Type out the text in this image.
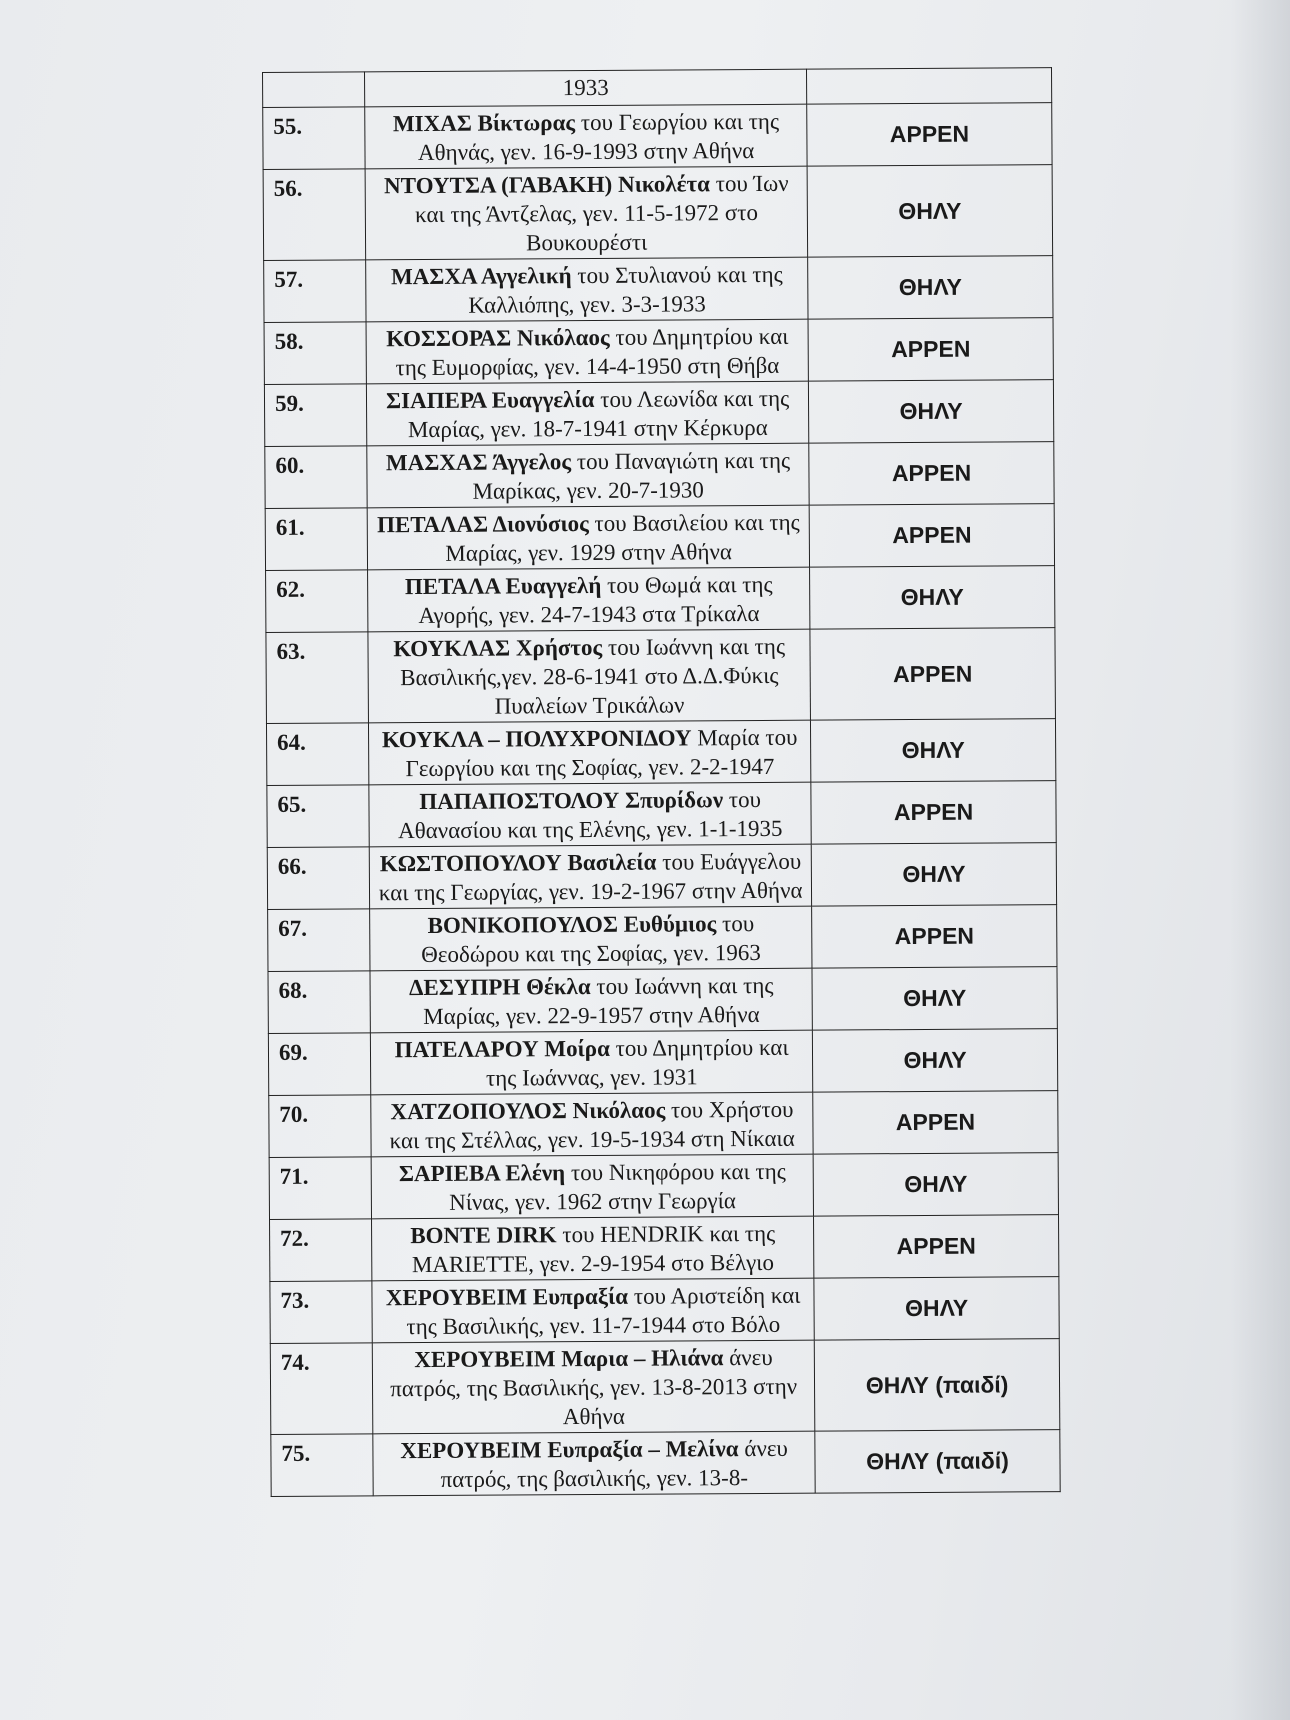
	1933	
55.	ΜΙΧΑΣ Βίκτωρας του Γεωργίου και της Αθηνάς, γεν. 16-9-1993 στην Αθήνα	ΑΡΡΕΝ
56.	ΝΤΟΥΤΣΑ (ΓΑΒΑΚΗ) Νικολέτα του Ίων και της Άντζελας, γεν. 11-5-1972 στο Βουκουρέστι	ΘΗΛΥ
57.	ΜΑΣΧΑ Αγγελική του Στυλιανού και της Καλλιόπης, γεν. 3-3-1933	ΘΗΛΥ
58.	ΚΟΣΣΟΡΑΣ Νικόλαος του Δημητρίου και της Ευμορφίας, γεν. 14-4-1950 στη Θήβα	ΑΡΡΕΝ
59.	ΣΙΑΠΕΡΑ Ευαγγελία του Λεωνίδα και της Μαρίας, γεν. 18-7-1941 στην Κέρκυρα	ΘΗΛΥ
60.	ΜΑΣΧΑΣ Άγγελος του Παναγιώτη και της Μαρίκας, γεν. 20-7-1930	ΑΡΡΕΝ
61.	ΠΕΤΑΛΑΣ Διονύσιος του Βασιλείου και της Μαρίας, γεν. 1929 στην Αθήνα	ΑΡΡΕΝ
62.	ΠΕΤΑΛΑ Ευαγγελή του Θωμά και της Αγορής, γεν. 24-7-1943 στα Τρίκαλα	ΘΗΛΥ
63.	ΚΟΥΚΛΑΣ Χρήστος του Ιωάννη και της Βασιλικής,γεν. 28-6-1941 στο Δ.Δ.Φύκις Πυαλείων Τρικάλων	ΑΡΡΕΝ
64.	ΚΟΥΚΛΑ – ΠΟΛΥΧΡΟΝΙΔΟΥ Μαρία του Γεωργίου και της Σοφίας, γεν. 2-2-1947	ΘΗΛΥ
65.	ΠΑΠΑΠΟΣΤΟΛΟΥ Σπυρίδων του Αθανασίου και της Ελένης, γεν. 1-1-1935	ΑΡΡΕΝ
66.	ΚΩΣΤΟΠΟΥΛΟΥ Βασιλεία του Ευάγγελου και της Γεωργίας, γεν. 19-2-1967 στην Αθήνα	ΘΗΛΥ
67.	ΒΟΝΙΚΟΠΟΥΛΟΣ Ευθύμιος του Θεοδώρου και της Σοφίας, γεν. 1963	ΑΡΡΕΝ
68.	ΔΕΣΥΠΡΗ Θέκλα του Ιωάννη και της Μαρίας, γεν. 22-9-1957 στην Αθήνα	ΘΗΛΥ
69.	ΠΑΤΕΛΑΡΟΥ Μοίρα του Δημητρίου και της Ιωάννας, γεν. 1931	ΘΗΛΥ
70.	ΧΑΤΖΟΠΟΥΛΟΣ Νικόλαος του Χρήστου και της Στέλλας, γεν. 19-5-1934 στη Νίκαια	ΑΡΡΕΝ
71.	ΣΑΡΙΕΒΑ Ελένη του Νικηφόρου και της Νίνας, γεν. 1962 στην Γεωργία	ΘΗΛΥ
72.	BONTE DIRK του HENDRIK και της MARIETTE, γεν. 2-9-1954 στο Βέλγιο	ΑΡΡΕΝ
73.	ΧΕΡΟΥΒΕΙΜ Ευπραξία του Αριστείδη και της Βασιλικής, γεν. 11-7-1944 στο Βόλο	ΘΗΛΥ
74.	ΧΕΡΟΥΒΕΙΜ Μαρια – Ηλιάνα άνευ πατρός, της Βασιλικής, γεν. 13-8-2013 στην Αθήνα	ΘΗΛΥ (παιδί)
75.	ΧΕΡΟΥΒΕΙΜ Ευπραξία – Μελίνα άνευ πατρός, της βασιλικής, γεν. 13-8-	ΘΗΛΥ (παιδί)
